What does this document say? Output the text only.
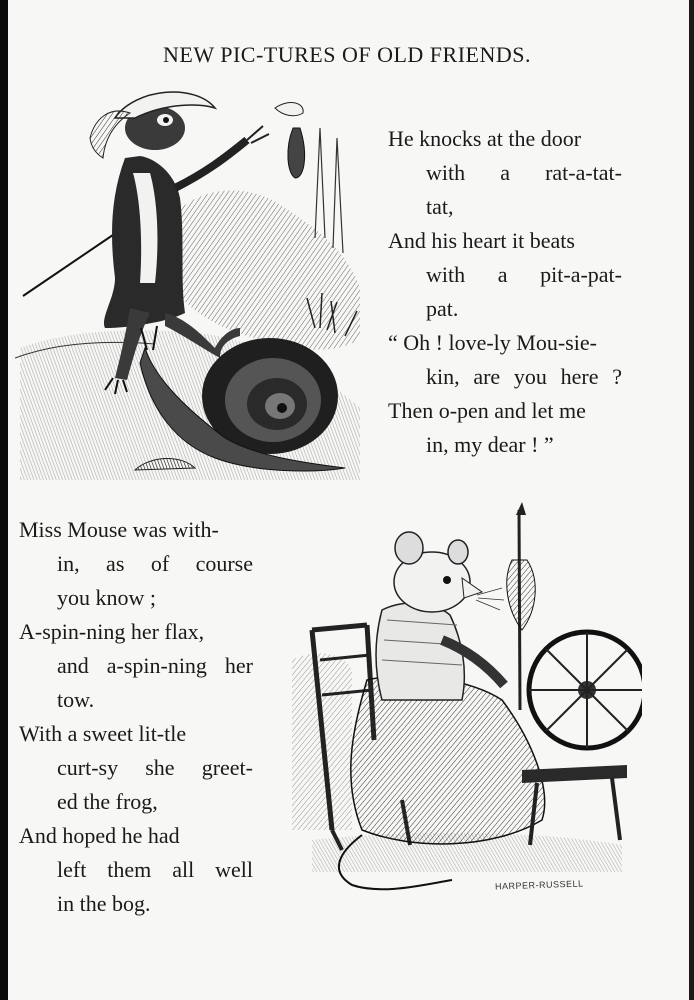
NEW PIC-TURES OF OLD FRIENDS.
He knocks at the door
with a rat-a-tat-
tat,
And his heart it beats
with a pit-a-pat-
pat.
“ Oh ! love-ly Mou-sie-
kin, are you here ?
Then o-pen and let me
in, my dear ! ”
Miss Mouse was with-
in, as of course
you know ;
A-spin-ning her flax,
and a-spin-ning her
tow.
With a sweet lit-tle
curt-sy she greet-
ed the frog,
And hoped he had
left them all well
in the bog.
HARPER-RUSSELL
